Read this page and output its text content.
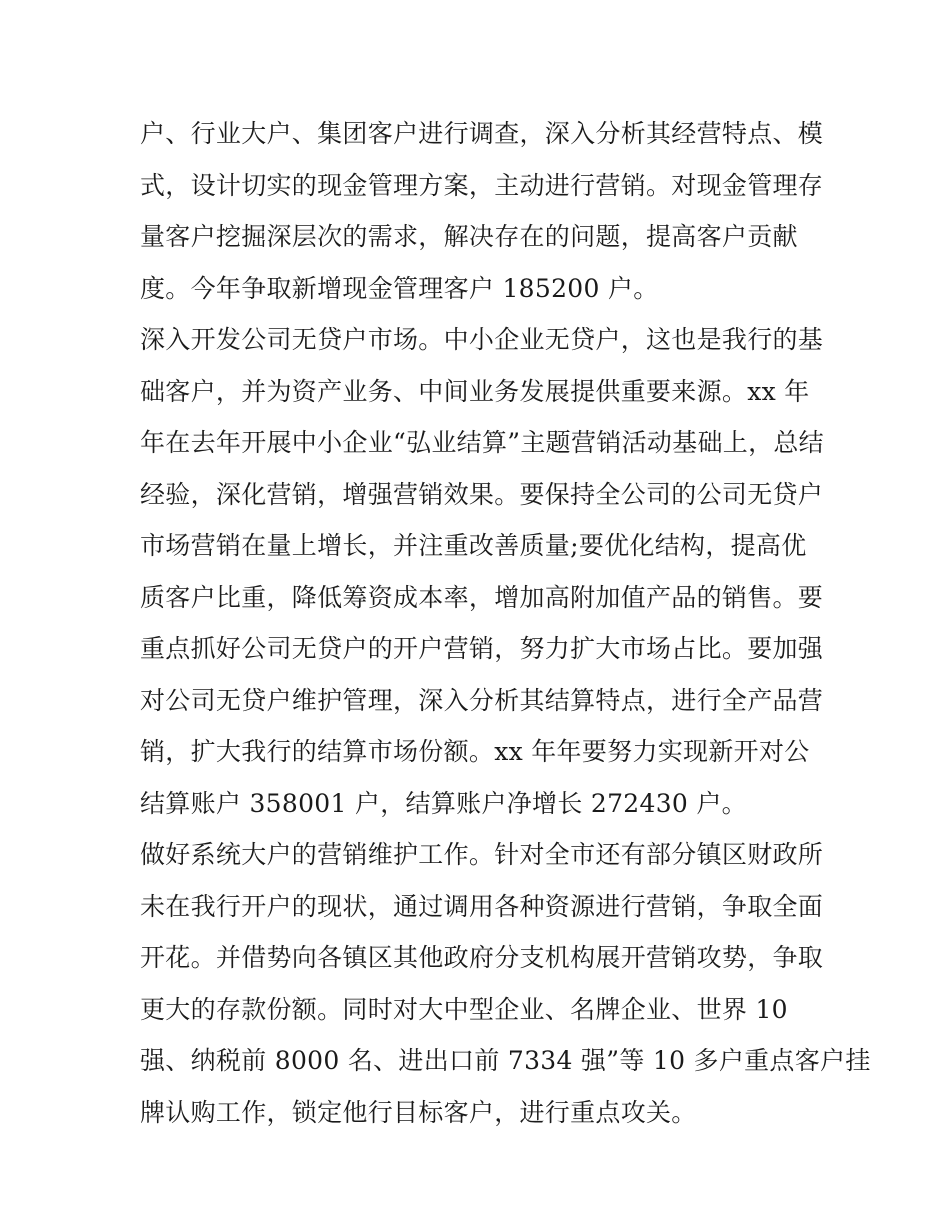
户、行业大户、集团客户进行调查，深入分析其经营特点、模
式，设计切实的现金管理方案，主动进行营销。对现金管理存
量客户挖掘深层次的需求，解决存在的问题，提高客户贡献
度。今年争取新增现金管理客户 185200 户。
深入开发公司无贷户市场。中小企业无贷户，这也是我行的基
础客户，并为资产业务、中间业务发展提供重要来源。xx 年
年在去年开展中小企业“弘业结算”主题营销活动基础上，总结
经验，深化营销，增强营销效果。要保持全公司的公司无贷户
市场营销在量上增长，并注重改善质量;要优化结构，提高优
质客户比重，降低筹资成本率，增加高附加值产品的销售。要
重点抓好公司无贷户的开户营销，努力扩大市场占比。要加强
对公司无贷户维护管理，深入分析其结算特点，进行全产品营
销，扩大我行的结算市场份额。xx 年年要努力实现新开对公
结算账户 358001 户，结算账户净增长 272430 户。
做好系统大户的营销维护工作。针对全市还有部分镇区财政所
未在我行开户的现状，通过调用各种资源进行营销，争取全面
开花。并借势向各镇区其他政府分支机构展开营销攻势，争取
更大的存款份额。同时对大中型企业、名牌企业、世界 10
强、纳税前 8000 名、进出口前 7334 强”等 10 多户重点客户挂
牌认购工作，锁定他行目标客户，进行重点攻关。
